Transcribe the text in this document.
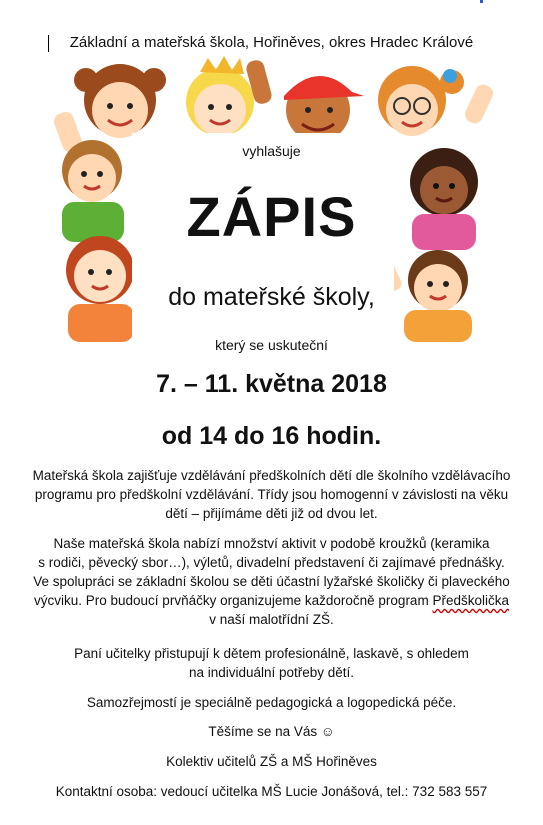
Základní a mateřská škola, Hořiněves, okres Hradec Králové
vyhlašuje
ZÁPIS
do mateřské školy,
který se uskuteční
7. – 11. května 2018
od 14 do 16 hodin.
Mateřská škola zajišťuje vzdělávání předškolních dětí dle školního vzdělávacího
programu pro předškolní vzdělávání. Třídy jsou homogenní v závislosti na věku
dětí – přijímáme děti již od dvou let.
Naše mateřská škola nabízí množství aktivit v podobě kroužků (keramika
s rodiči, pěvecký sbor…), výletů, divadelní představení či zajímavé přednášky.
Ve spolupráci se základní školou se děti účastní lyžařské školičky či plaveckého
výcviku. Pro budoucí prvňáčky organizujeme každoročně program Předškolička
v naší malotřídní ZŠ.
Paní učitelky přistupují k dětem profesionálně, laskavě, s ohledem
na individuální potřeby dětí.
Samozřejmostí je speciálně pedagogická a logopedická péče.
Těšíme se na Vás ☺
Kolektiv učitelů ZŠ a MŠ Hořiněves
Kontaktní osoba: vedoucí učitelka MŠ Lucie Jonášová, tel.: 732 583 557
